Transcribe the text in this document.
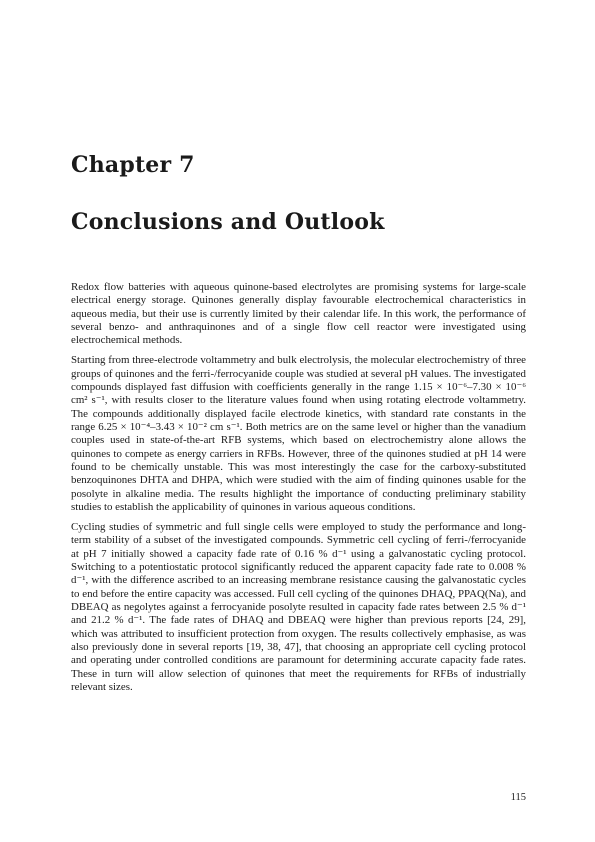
Chapter 7
Conclusions and Outlook

Redox flow batteries with aqueous quinone-based electrolytes are promising systems for large-scale electrical energy storage. Quinones generally display favourable electrochemical characteristics in aqueous media, but their use is currently limited by their calendar life. In this work, the performance of several benzo- and anthraquinones and of a single flow cell reactor were investigated using electrochemical methods.

Starting from three-electrode voltammetry and bulk electrolysis, the molecular electrochemistry of three groups of quinones and the ferri-/ferrocyanide couple was studied at several pH values. The investigated compounds displayed fast diffusion with coefficients generally in the range 1.15 × 10⁻⁶–7.30 × 10⁻⁶ cm² s⁻¹, with results closer to the literature values found when using rotating electrode voltammetry. The compounds additionally displayed facile electrode kinetics, with standard rate constants in the range 6.25 × 10⁻⁴–3.43 × 10⁻² cm s⁻¹. Both metrics are on the same level or higher than the vanadium couples used in state-of-the-art RFB systems, which based on electrochemistry alone allows the quinones to compete as energy carriers in RFBs. However, three of the quinones studied at pH 14 were found to be chemically unstable. This was most interestingly the case for the carboxy-substituted benzoquinones DHTA and DHPA, which were studied with the aim of finding quinones usable for the posolyte in alkaline media. The results highlight the importance of conducting preliminary stability studies to establish the applicability of quinones in various aqueous conditions.

Cycling studies of symmetric and full single cells were employed to study the performance and long-term stability of a subset of the investigated compounds. Symmetric cell cycling of ferri-/ferrocyanide at pH 7 initially showed a capacity fade rate of 0.16 % d⁻¹ using a galvanostatic cycling protocol. Switching to a potentiostatic protocol significantly reduced the apparent capacity fade rate to 0.008 % d⁻¹, with the difference ascribed to an increasing membrane resistance causing the galvanostatic cycles to end before the entire capacity was accessed. Full cell cycling of the quinones DHAQ, PPAQ(Na), and DBEAQ as negolytes against a ferrocyanide posolyte resulted in capacity fade rates between 2.5 % d⁻¹ and 21.2 % d⁻¹. The fade rates of DHAQ and DBEAQ were higher than previous reports [24, 29], which was attributed to insufficient protection from oxygen. The results collectively emphasise, as was also previously done in several reports [19, 38, 47], that choosing an appropriate cell cycling protocol and operating under controlled conditions are paramount for determining accurate capacity fade rates. These in turn will allow selection of quinones that meet the requirements for RFBs of industrially relevant sizes.

115
